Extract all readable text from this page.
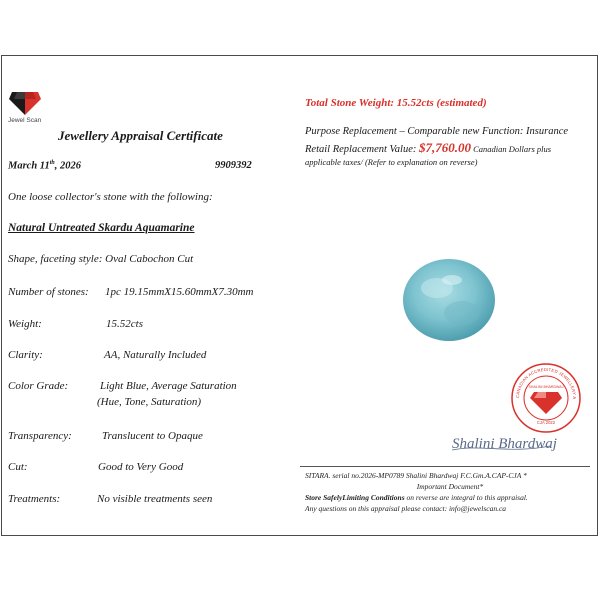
Jewel Scan
Jewellery Appraisal Certificate
March 11th, 2026	9909392
One loose collector's stone with the following:
Natural Untreated Skardu Aquamarine
Shape, faceting style: Oval Cabochon Cut
Number of stones: 1pc 19.15mmX15.60mmX7.30mm
Weight:	15.52cts
Clarity:	AA, Naturally Included
Color Grade:	Light Blue, Average Saturation
(Hue, Tone, Saturation)
Transparency:	Translucent to Opaque
Cut:	Good to Very Good
Treatments:	No visible treatments seen
Total Stone Weight: 15.52cts (estimated)
Purpose Replacement – Comparable new Function: Insurance
Retail Replacement Value: $7,760.00 Canadian Dollars plus
applicable taxes/ (Refer to explanation on reverse)
CANADIAN ACCREDITED JEWELLERY A
SHALINI BHARDWAJ
CJA 2022
Shalini Bhardwaj
SITARA. serial no.2026-MP0789 Shalini Bhardwaj F.C.Gm.A.CAP-CJA *
Important Document*
Store SafelyLimiting Conditions on reverse are integral to this appraisal.
Any questions on this appraisal please contact: info@jewelscan.ca
